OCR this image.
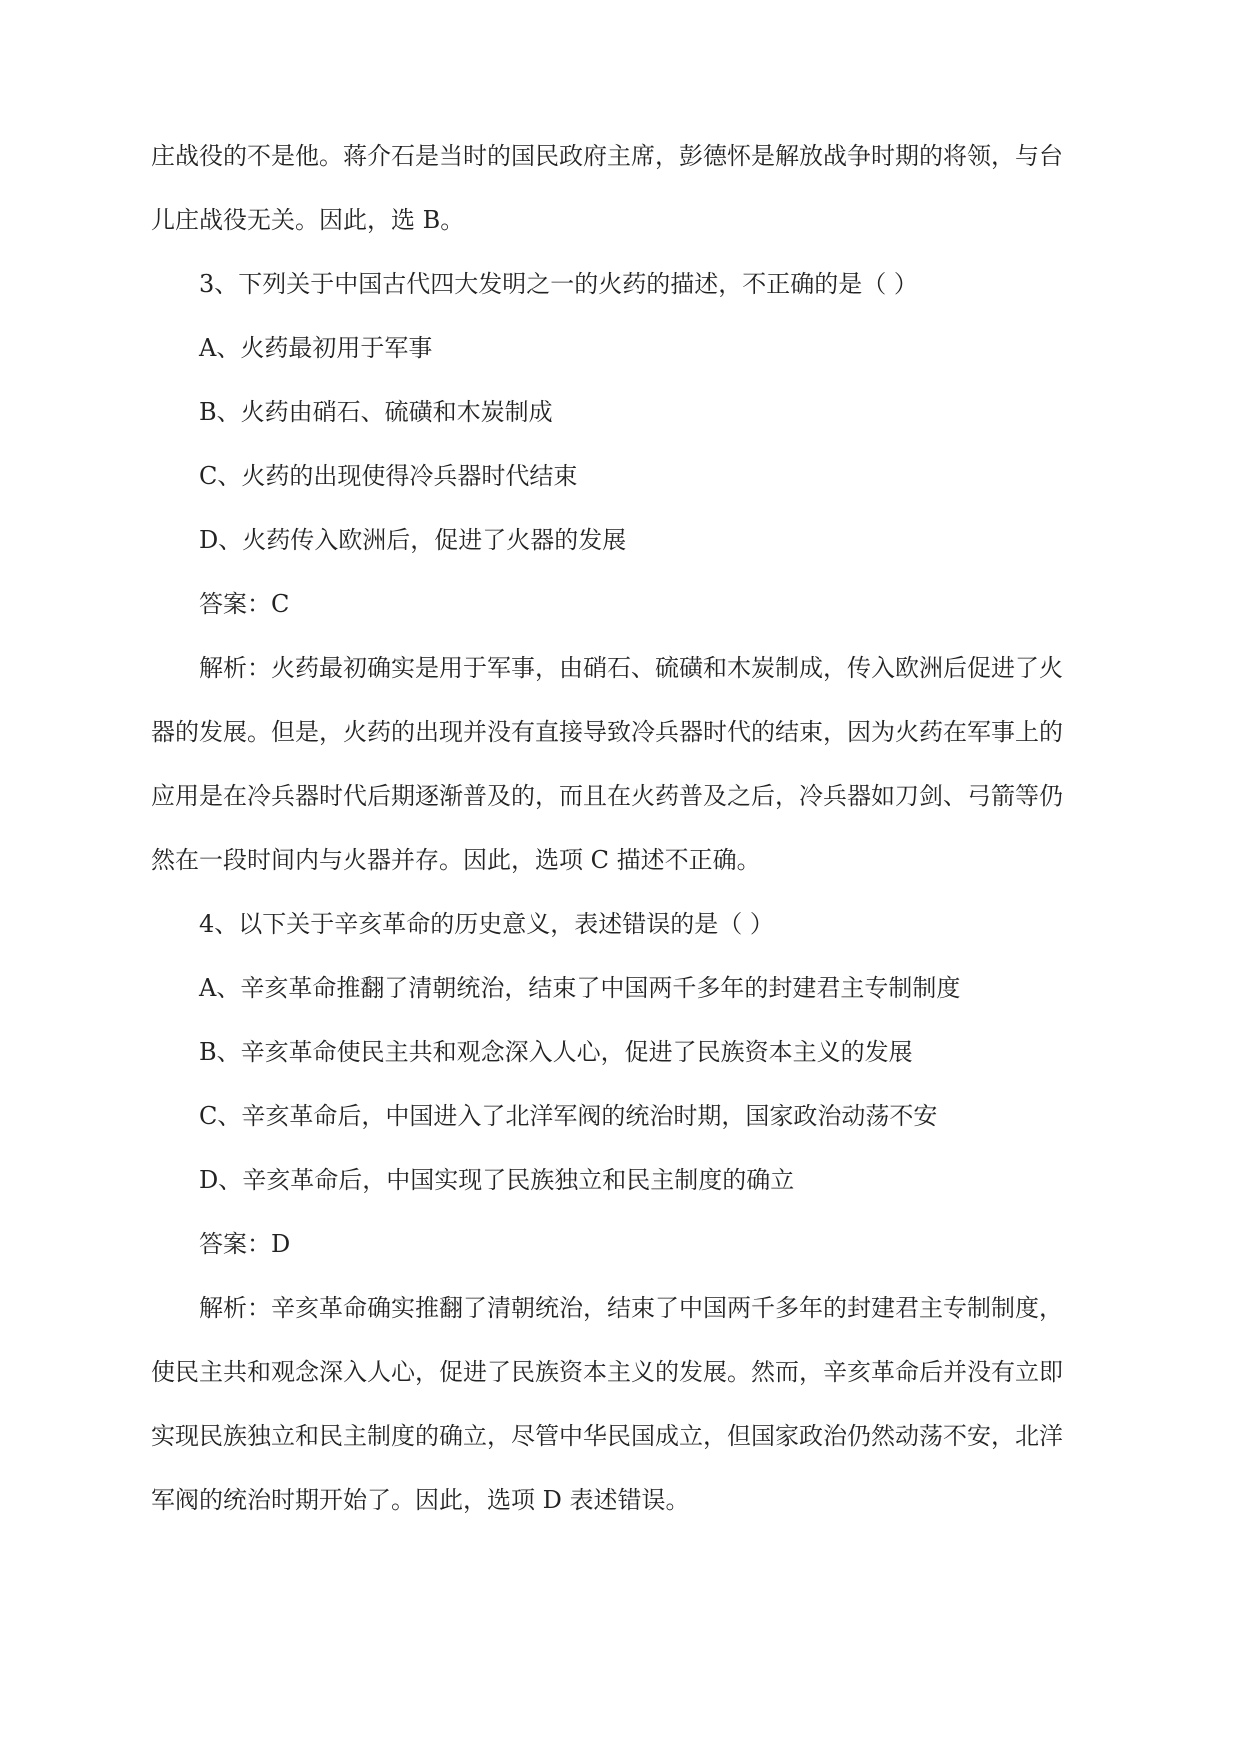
庄战役的不是他。蒋介石是当时的国民政府主席，彭德怀是解放战争时期的将领，与台
儿庄战役无关。因此，选 B。
3、下列关于中国古代四大发明之一的火药的描述，不正确的是（ ）
A、火药最初用于军事
B、火药由硝石、硫磺和木炭制成
C、火药的出现使得冷兵器时代结束
D、火药传入欧洲后，促进了火器的发展
答案：C
解析：火药最初确实是用于军事，由硝石、硫磺和木炭制成，传入欧洲后促进了火
器的发展。但是，火药的出现并没有直接导致冷兵器时代的结束，因为火药在军事上的
应用是在冷兵器时代后期逐渐普及的，而且在火药普及之后，冷兵器如刀剑、弓箭等仍
然在一段时间内与火器并存。因此，选项 C 描述不正确。
4、以下关于辛亥革命的历史意义，表述错误的是（ ）
A、辛亥革命推翻了清朝统治，结束了中国两千多年的封建君主专制制度
B、辛亥革命使民主共和观念深入人心，促进了民族资本主义的发展
C、辛亥革命后，中国进入了北洋军阀的统治时期，国家政治动荡不安
D、辛亥革命后，中国实现了民族独立和民主制度的确立
答案：D
解析：辛亥革命确实推翻了清朝统治，结束了中国两千多年的封建君主专制制度，
使民主共和观念深入人心，促进了民族资本主义的发展。然而，辛亥革命后并没有立即
实现民族独立和民主制度的确立，尽管中华民国成立，但国家政治仍然动荡不安，北洋
军阀的统治时期开始了。因此，选项 D 表述错误。
